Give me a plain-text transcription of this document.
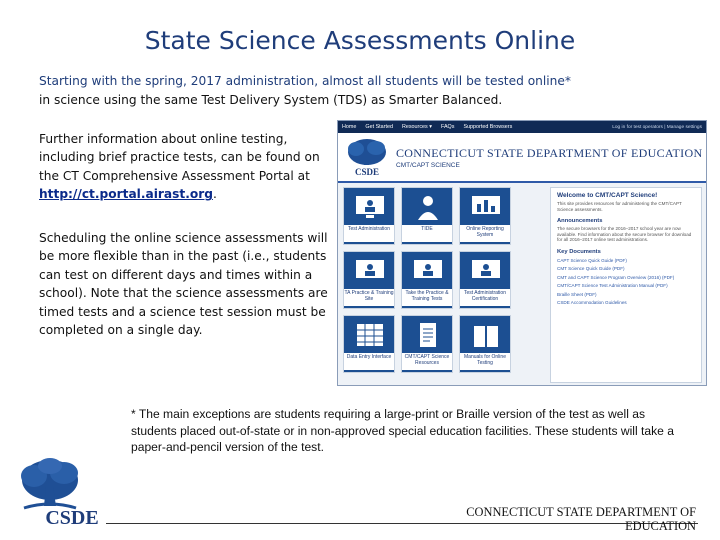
State Science Assessments Online
Starting with the spring, 2017 administration, almost all students will be tested online*
in science using the same Test Delivery System (TDS) as Smarter Balanced.
Further information about online testing, including brief practice tests, can be found on the CT Comprehensive Assessment Portal at http://ct.portal.airast.org.
Scheduling the online science assessments will be more flexible than in the past (i.e., students can test on different days and times within a school). Note that the science assessments are timed tests and a science test session must be completed on a single day.
Home Get Started Resources ▾ FAQs Supported Browsers	Log in for test operators | Manage settings
CSDE
CONNECTICUT STATE DEPARTMENT OF EDUCATION
CMT/CAPT SCIENCE
Test Administration	TIDE	Online Reporting System
TA Practice & Training Site
Take the Practice & Training Tests
Test Administration Certification
Data Entry Interface	CMT/CAPT Science Resources
Manuals for Online Testing
Welcome to CMT/CAPT Science!
This site provides resources for administering the CMT/CAPT Science assessments.
Announcements
The secure browsers for the 2016–2017 school year are now available. Find information about the secure browser for download for all 2016–2017 online test administrations.
Key Documents
CAPT Science Quick Guide (PDF)
CMT Science Quick Guide (PDF)
CMT and CAPT Science Program Overview (2016) (PDF)
CMT/CAPT Science Test Administration Manual (PDF)
Braille Sheet (PDF)
CSDE Accommodation Guidelines
* The main exceptions are students requiring a large-print or Braille version of the test as well as students placed out-of-state or in non-approved special education facilities. These students will take a paper-and-pencil version of the test.
CSDE	CONNECTICUT STATE DEPARTMENT OF EDUCATION
